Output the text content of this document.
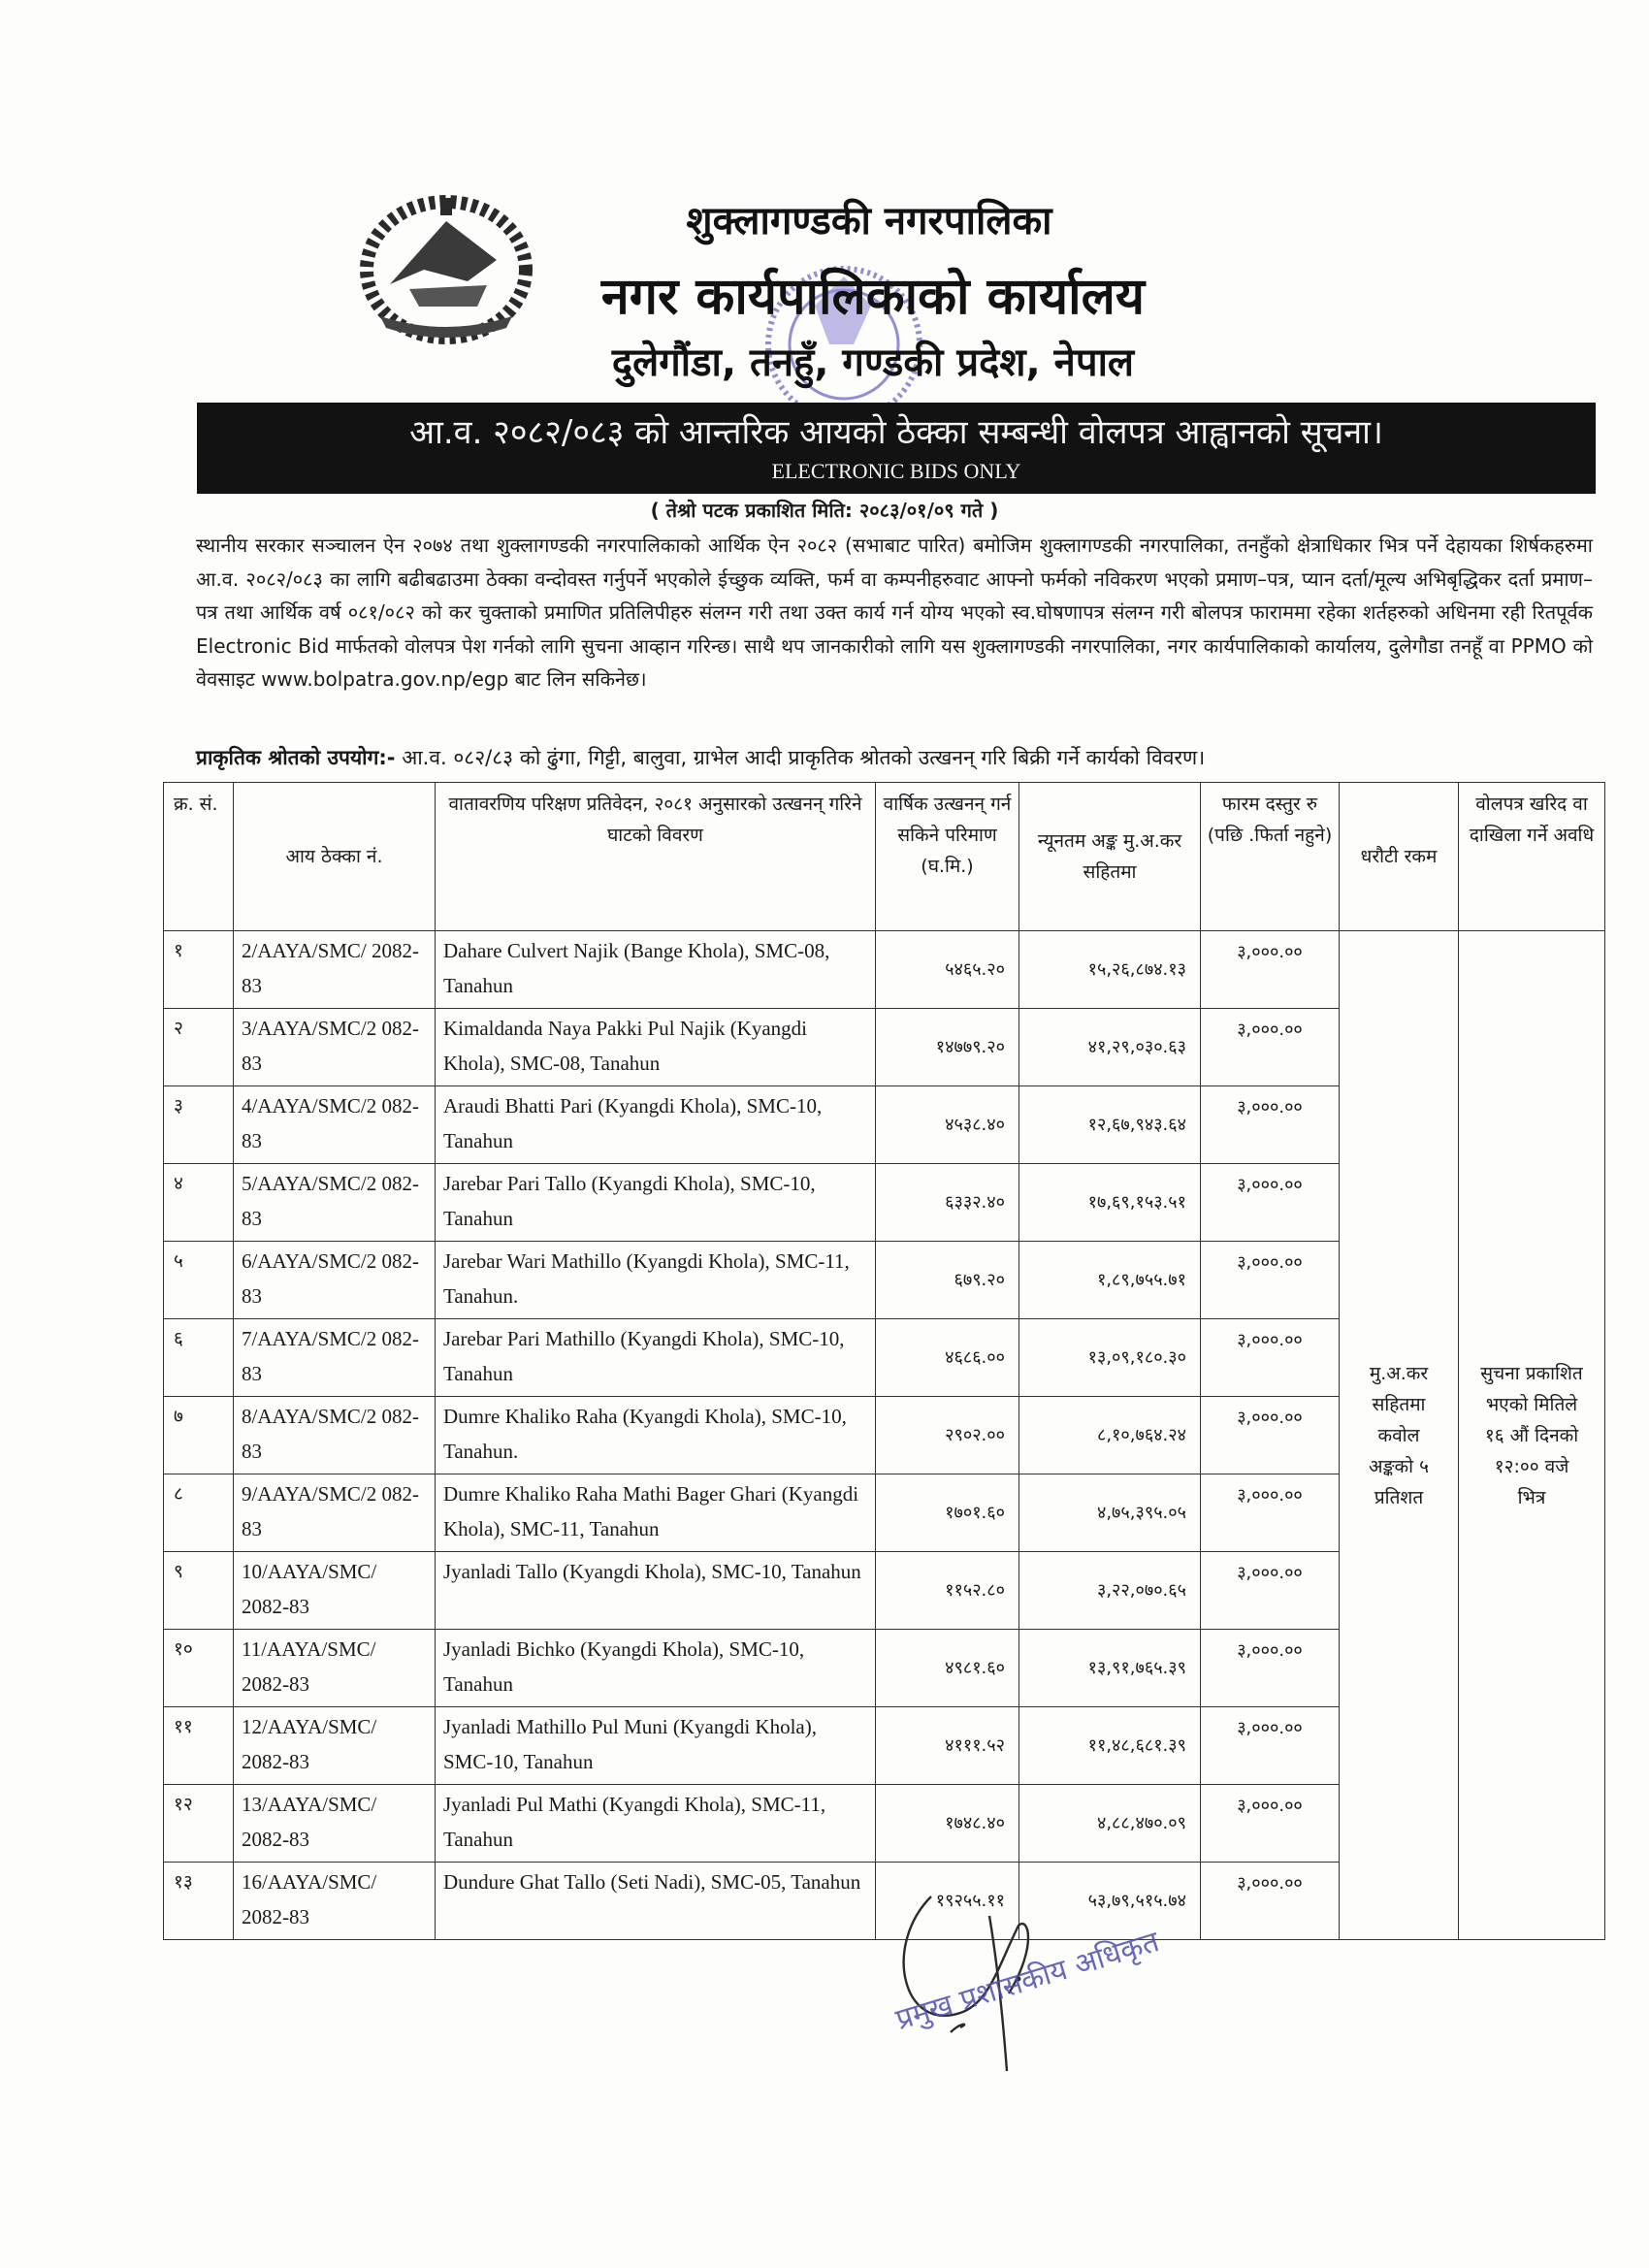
शुक्लागण्डकी नगरपालिका
नगर कार्यपालिकाको कार्यालय
दुलेगौंडा, तनहुँ, गण्डकी प्रदेश, नेपाल
आ.व. २०८२/०८३ को आन्तरिक आयको ठेक्का सम्बन्धी वोलपत्र आह्वानको सूचना।
ELECTRONIC BIDS ONLY
( तेश्रो पटक प्रकाशित मिति: २०८३/०१/०९ गते )

स्थानीय सरकार सञ्चालन ऐन २०७४ तथा शुक्लागण्डकी नगरपालिकाको आर्थिक ऐन २०८२ (सभाबाट पारित) बमोजिम शुक्लागण्डकी नगरपालिका, तनहुँको क्षेत्राधिकार भित्र पर्ने देहायका शिर्षकहरुमा आ.व. २०८२/०८३ का लागि बढीबढाउमा ठेक्का वन्दोवस्त गर्नुपर्ने भएकोले ईच्छुक व्यक्ति, फर्म वा कम्पनीहरुवाट आफ्नो फर्मको नविकरण भएको प्रमाण–पत्र, प्यान दर्ता/मूल्य अभिबृद्धिकर दर्ता प्रमाण–पत्र तथा आर्थिक वर्ष ०८१/०८२ को कर चुक्ताको प्रमाणित प्रतिलिपीहरु संलग्न गरी तथा उक्त कार्य गर्न योग्य भएको स्व.घोषणापत्र संलग्न गरी बोलपत्र फाराममा रहेका शर्तहरुको अधिनमा रही रितपूर्वक Electronic Bid मार्फतको वोलपत्र पेश गर्नको लागि सुचना आव्हान गरिन्छ। साथै थप जानकारीको लागि यस शुक्लागण्डकी नगरपालिका, नगर कार्यपालिकाको कार्यालय, दुलेगौडा तनहूँ वा PPMO को वेवसाइट www.bolpatra.gov.np/egp बाट लिन सकिनेछ।

प्राकृतिक श्रोतको उपयोग:- आ.व. ०८२/८३ को ढुंगा, गिट्टी, बालुवा, ग्राभेल आदी प्राकृतिक श्रोतको उत्खनन् गरि बिक्री गर्ने कार्यको विवरण।
क्र. सं.	आय ठेक्का नं.	वातावरणिय परिक्षण प्रतिवेदन, २०८१ अनुसारको उत्खनन् गरिने घाटको विवरण	वार्षिक उत्खनन् गर्न सकिने परिमाण (घ.मि.)	न्यूनतम अङ्क मु.अ.कर सहितमा	फारम दस्तुर रु (पछि .फिर्ता नहुने)	धरौटी रकम	वोलपत्र खरिद वा दाखिला गर्ने अवधि
१	2/AAYA/SMC/ 2082-83	Dahare Culvert Najik (Bange Khola), SMC-08, Tanahun	५४६५.२०	१५,२६,८७४.१३	३,०००.००	मु.अ.कर सहितमा कवोल अङ्कको ५ प्रतिशत	सुचना प्रकाशित भएको मितिले १६ औं दिनको १२:०० वजे भित्र
२	3/AAYA/SMC/2 082-83	Kimaldanda Naya Pakki Pul Najik (Kyangdi Khola), SMC-08, Tanahun	१४७७९.२०	४१,२९,०३०.६३	३,०००.००		
३	4/AAYA/SMC/2 082-83	Araudi Bhatti Pari (Kyangdi Khola), SMC-10, Tanahun	४५३८.४०	१२,६७,९४३.६४	३,०००.००		
४	5/AAYA/SMC/2 082-83	Jarebar Pari Tallo (Kyangdi Khola), SMC-10, Tanahun	६३३२.४०	१७,६९,१५३.५१	३,०००.००		
५	6/AAYA/SMC/2 082-83	Jarebar Wari Mathillo (Kyangdi Khola), SMC-11, Tanahun.	६७९.२०	१,८९,७५५.७१	३,०००.००		
६	7/AAYA/SMC/2 082-83	Jarebar Pari Mathillo (Kyangdi Khola), SMC-10, Tanahun	४६८६.००	१३,०९,१८०.३०	३,०००.००		
७	8/AAYA/SMC/2 082-83	Dumre Khaliko Raha (Kyangdi Khola), SMC-10, Tanahun.	२९०२.००	८,१०,७६४.२४	३,०००.००		
८	9/AAYA/SMC/2 082-83	Dumre Khaliko Raha Mathi Bager Ghari (Kyangdi Khola), SMC-11, Tanahun	१७०१.६०	४,७५,३९५.०५	३,०००.००		
९	10/AAYA/SMC/ 2082-83	Jyanladi Tallo (Kyangdi Khola), SMC-10, Tanahun	११५२.८०	३,२२,०७०.६५	३,०००.००		
१०	11/AAYA/SMC/ 2082-83	Jyanladi Bichko (Kyangdi Khola), SMC-10, Tanahun	४९८१.६०	१३,९१,७६५.३९	३,०००.००		
११	12/AAYA/SMC/ 2082-83	Jyanladi Mathillo Pul Muni (Kyangdi Khola), SMC-10, Tanahun	४१११.५२	११,४८,६८१.३९	३,०००.००		
१२	13/AAYA/SMC/ 2082-83	Jyanladi Pul Mathi (Kyangdi Khola), SMC-11, Tanahun	१७४८.४०	४,८८,४७०.०९	३,०००.००		
१३	16/AAYA/SMC/ 2082-83	Dundure Ghat Tallo (Seti Nadi), SMC-05, Tanahun	१९२५५.११	५३,७९,५१५.७४	३,०००.००		
प्रमुख प्रशासकीय अधिकृत
